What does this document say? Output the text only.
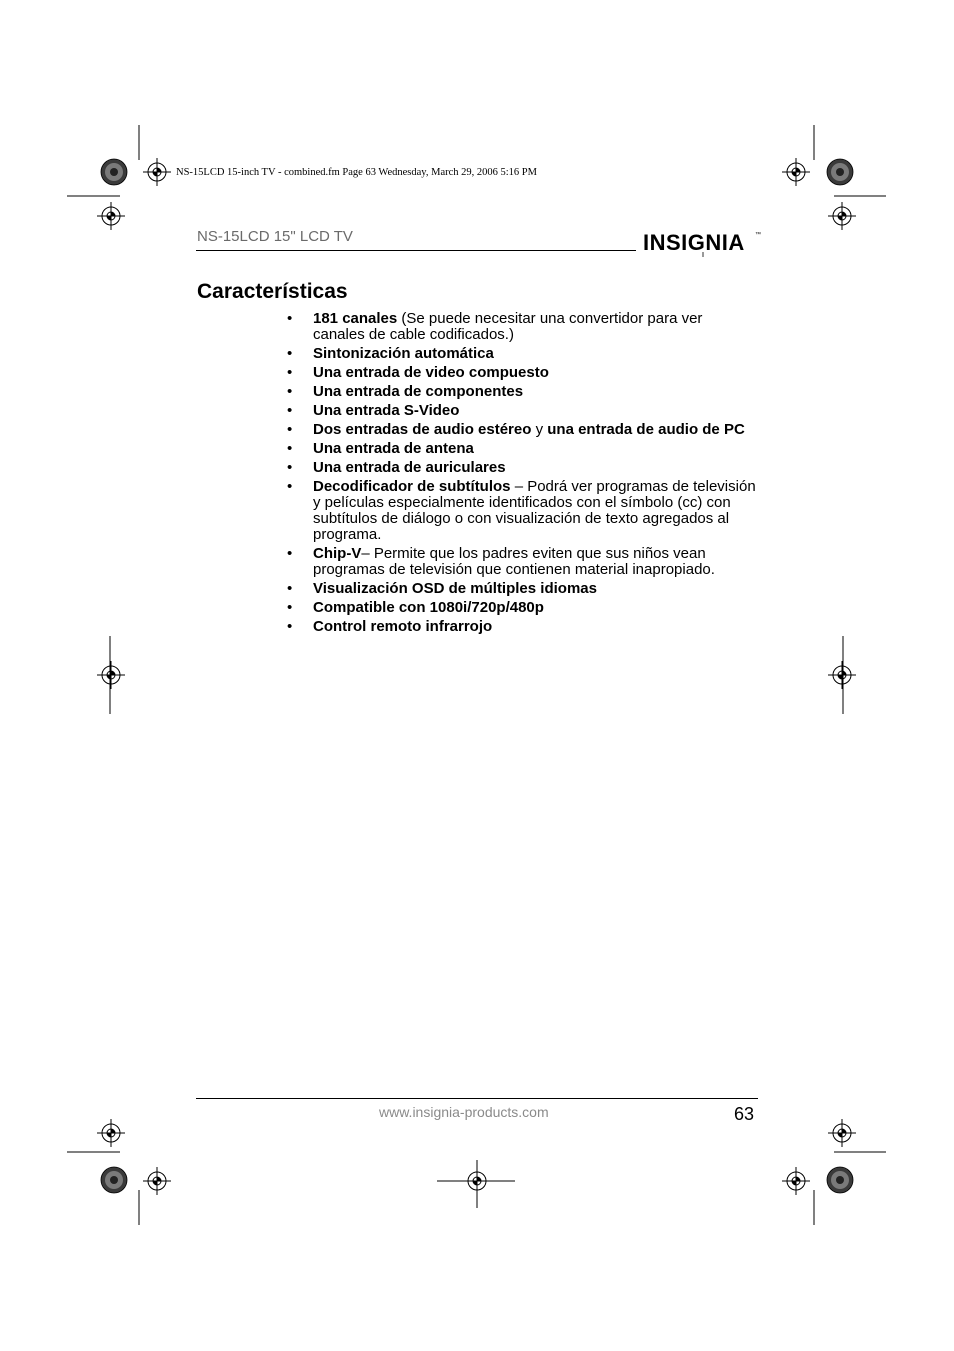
NS-15LCD 15-inch TV - combined.fm Page 63 Wednesday, March 29, 2006 5:16 PM
NS-15LCD 15" LCD TV	INSIGNIA ™
Características
• 181 canales (Se puede necesitar una convertidor para ver canales de cable codificados.)
• Sintonización automática
• Una entrada de video compuesto
• Una entrada de componentes
• Una entrada S-Video
• Dos entradas de audio estéreo y una entrada de audio de PC
• Una entrada de antena
• Una entrada de auriculares
• Decodificador de subtítulos – Podrá ver programas de televisión y películas especialmente identificados con el símbolo (cc) con subtítulos de diálogo o con visualización de texto agregados al programa.
• Chip-V– Permite que los padres eviten que sus niños vean programas de televisión que contienen material inapropiado.
• Visualización OSD de múltiples idiomas
• Compatible con 1080i/720p/480p
• Control remoto infrarrojo
www.insignia-products.com	63
